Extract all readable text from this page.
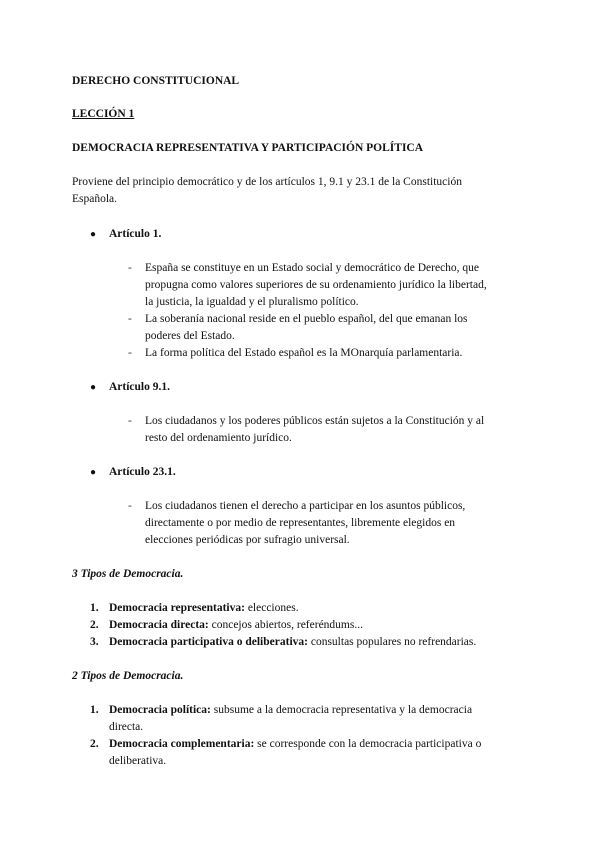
DERECHO CONSTITUCIONAL
LECCIÓN 1
DEMOCRACIA REPRESENTATIVA Y PARTICIPACIÓN POLÍTICA
Proviene del principio democrático y de los artículos 1, 9.1 y 23.1 de la Constitución
Española.
● Artículo 1.
- España se constituye en un Estado social y democrático de Derecho, que
propugna como valores superiores de su ordenamiento jurídico la libertad,
la justicia, la igualdad y el pluralismo político.
- La soberanía nacional reside en el pueblo español, del que emanan los
poderes del Estado.
- La forma política del Estado español es la MOnarquía parlamentaria.
● Artículo 9.1.
- Los ciudadanos y los poderes públicos están sujetos a la Constitución y al
resto del ordenamiento jurídico.
● Artículo 23.1.
- Los ciudadanos tienen el derecho a participar en los asuntos públicos,
directamente o por medio de representantes, libremente elegidos en
elecciones periódicas por sufragio universal.
3 Tipos de Democracia.
1. Democracia representativa: elecciones.
2. Democracia directa: concejos abiertos, referéndums...
3. Democracia participativa o deliberativa: consultas populares no refrendarias.
2 Tipos de Democracia.
1. Democracia política: subsume a la democracia representativa y la democracia
directa.
2. Democracia complementaria: se corresponde con la democracia participativa o
deliberativa.
